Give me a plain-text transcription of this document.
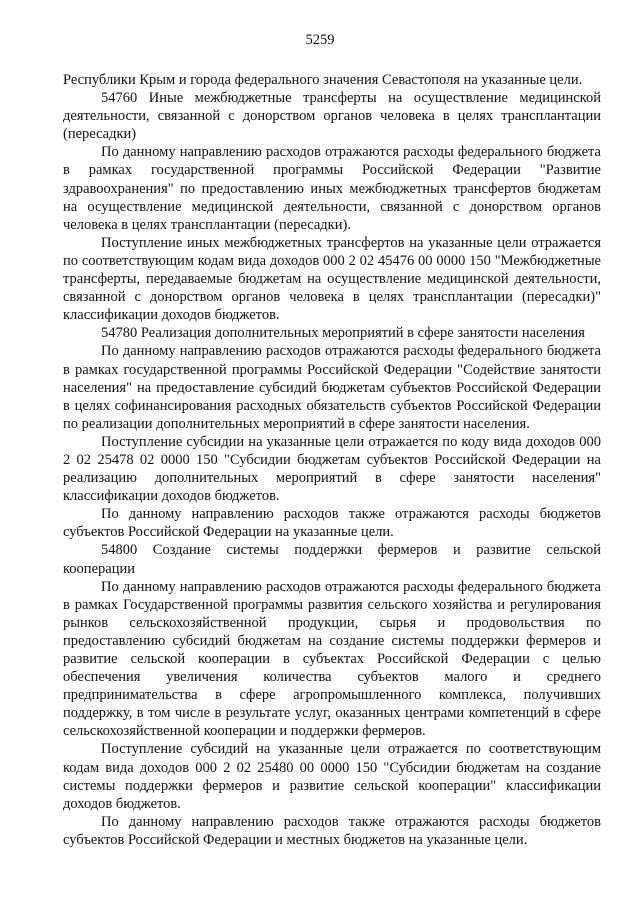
5259

Республики Крым и города федерального значения Севастополя на указанные цели.

54760 Иные межбюджетные трансферты на осуществление медицинской деятельности, связанной с донорством органов человека в целях трансплантации (пересадки)

По данному направлению расходов отражаются расходы федерального бюджета в рамках государственной программы Российской Федерации "Развитие здравоохранения" по предоставлению иных межбюджетных трансфертов бюджетам на осуществление медицинской деятельности, связанной с донорством органов человека в целях трансплантации (пересадки).

Поступление иных межбюджетных трансфертов на указанные цели отражается по соответствующим кодам вида доходов 000 2 02 45476 00 0000 150 "Межбюджетные трансферты, передаваемые бюджетам на осуществление медицинской деятельности, связанной с донорством органов человека в целях трансплантации (пересадки)" классификации доходов бюджетов.

54780 Реализация дополнительных мероприятий в сфере занятости населения

По данному направлению расходов отражаются расходы федерального бюджета в рамках государственной программы Российской Федерации "Содействие занятости населения" на предоставление субсидий бюджетам субъектов Российской Федерации в целях софинансирования расходных обязательств субъектов Российской Федерации по реализации дополнительных мероприятий в сфере занятости населения.

Поступление субсидии на указанные цели отражается по коду вида доходов 000 2 02 25478 02 0000 150 "Субсидии бюджетам субъектов Российской Федерации на реализацию дополнительных мероприятий в сфере занятости населения" классификации доходов бюджетов.

По данному направлению расходов также отражаются расходы бюджетов субъектов Российской Федерации на указанные цели.

54800 Создание системы поддержки фермеров и развитие сельской кооперации

По данному направлению расходов отражаются расходы федерального бюджета в рамках Государственной программы развития сельского хозяйства и регулирования рынков сельскохозяйственной продукции, сырья и продовольствия по предоставлению субсидий бюджетам на создание системы поддержки фермеров и развитие сельской кооперации в субъектах Российской Федерации с целью обеспечения увеличения количества субъектов малого и среднего предпринимательства в сфере агропромышленного комплекса, получивших поддержку, в том числе в результате услуг, оказанных центрами компетенций в сфере сельскохозяйственной кооперации и поддержки фермеров.

Поступление субсидий на указанные цели отражается по соответствующим кодам вида доходов 000 2 02 25480 00 0000 150 "Субсидии бюджетам на создание системы поддержки фермеров и развитие сельской кооперации" классификации доходов бюджетов.

По данному направлению расходов также отражаются расходы бюджетов субъектов Российской Федерации и местных бюджетов на указанные цели.
